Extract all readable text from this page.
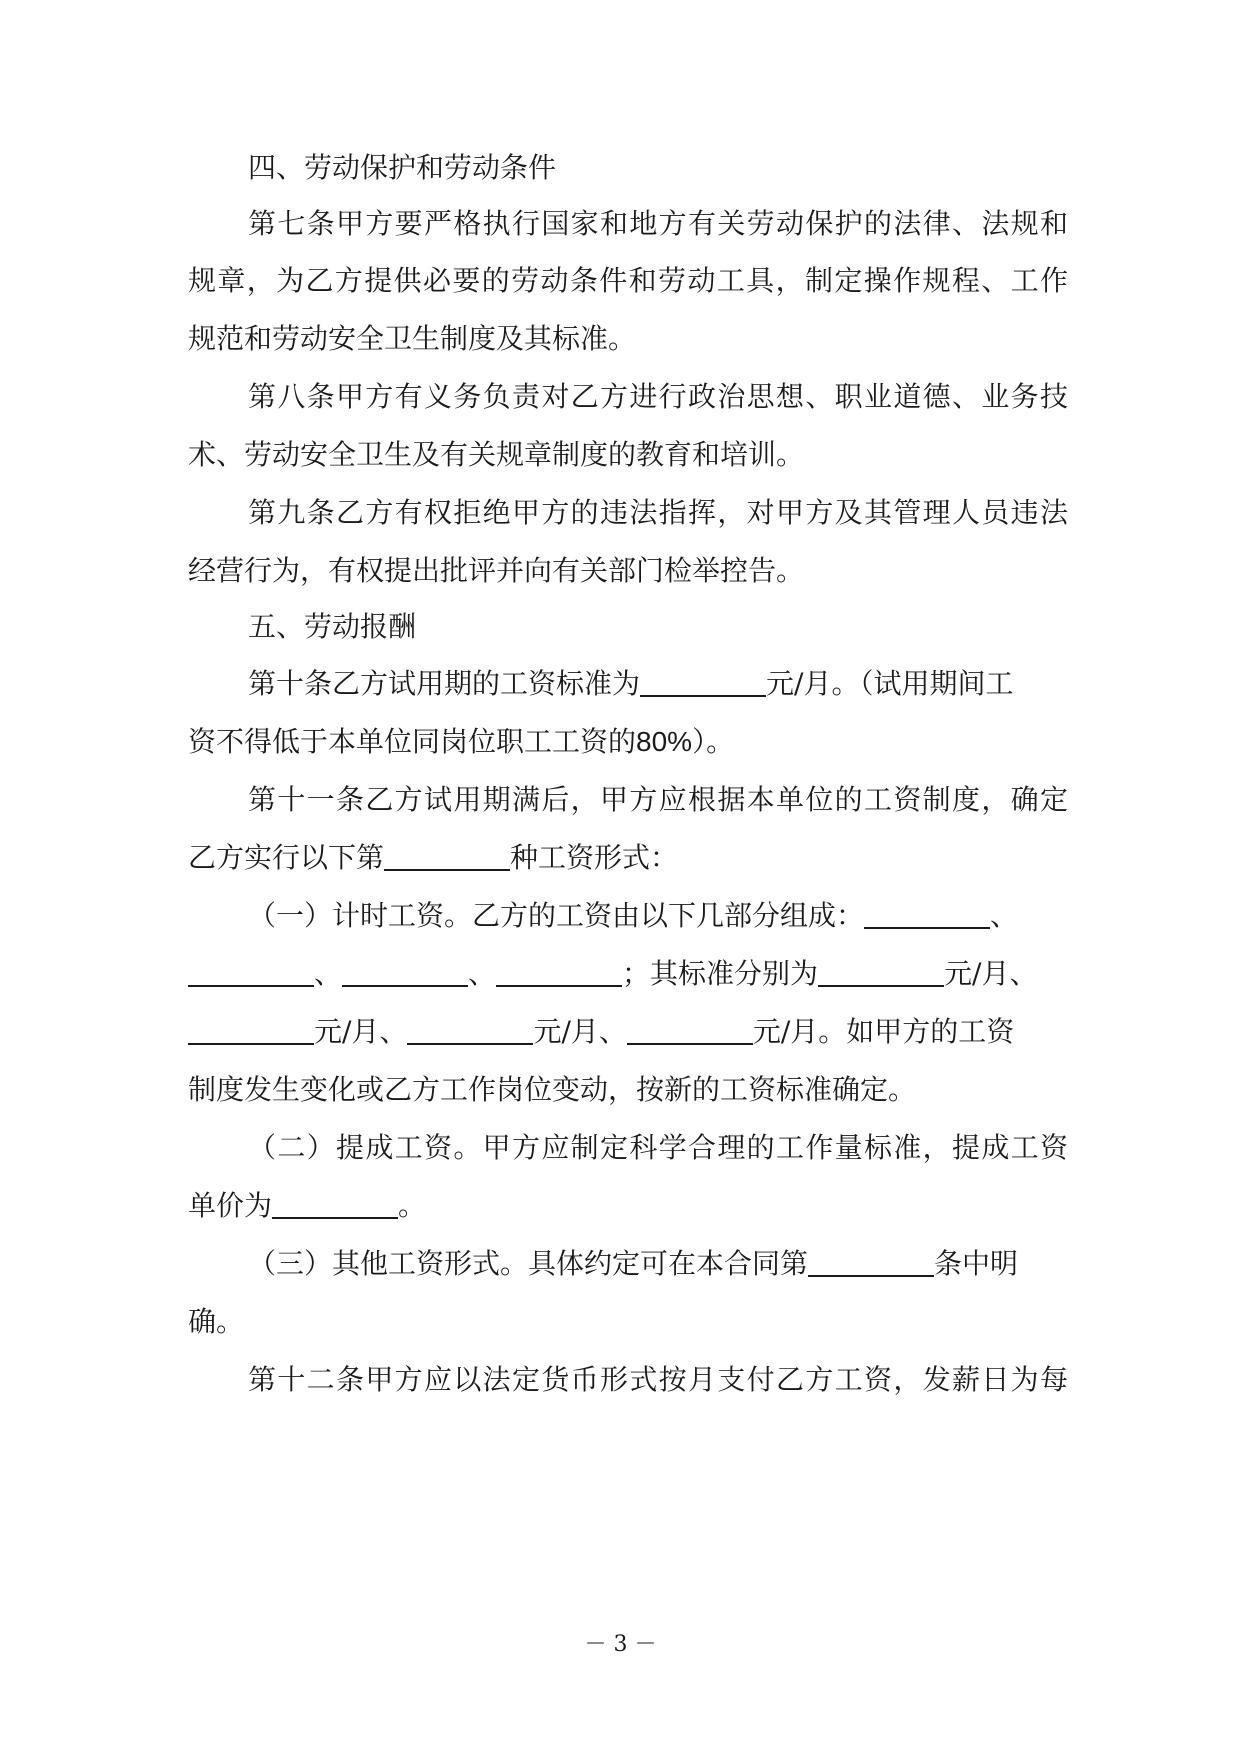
四、劳动保护和劳动条件
第七条甲方要严格执行国家和地方有关劳动保护的法律、法规和
规章，为乙方提供必要的劳动条件和劳动工具，制定操作规程、工作
规范和劳动安全卫生制度及其标准。
第八条甲方有义务负责对乙方进行政治思想、职业道德、业务技
术、劳动安全卫生及有关规章制度的教育和培训。
第九条乙方有权拒绝甲方的违法指挥，对甲方及其管理人员违法
经营行为，有权提出批评并向有关部门检举控告。
五、劳动报酬
第十条乙方试用期的工资标准为	元/月。（试用期间工
资不得低于本单位同岗位职工工资的80%）。
第十一条乙方试用期满后，甲方应根据本单位的工资制度，确定
乙方实行以下第	种工资形式：
（一）计时工资。乙方的工资由以下几部分组成：	、
、	、	；其标准分别为	元/月、
元/月、	元/月、	元/月。如甲方的工资
制度发生变化或乙方工作岗位变动，按新的工资标准确定。
（二）提成工资。甲方应制定科学合理的工作量标准，提成工资
单价为	。
（三）其他工资形式。具体约定可在本合同第	条中明
确。
第十二条甲方应以法定货币形式按月支付乙方工资，发薪日为每
－ 3 －
